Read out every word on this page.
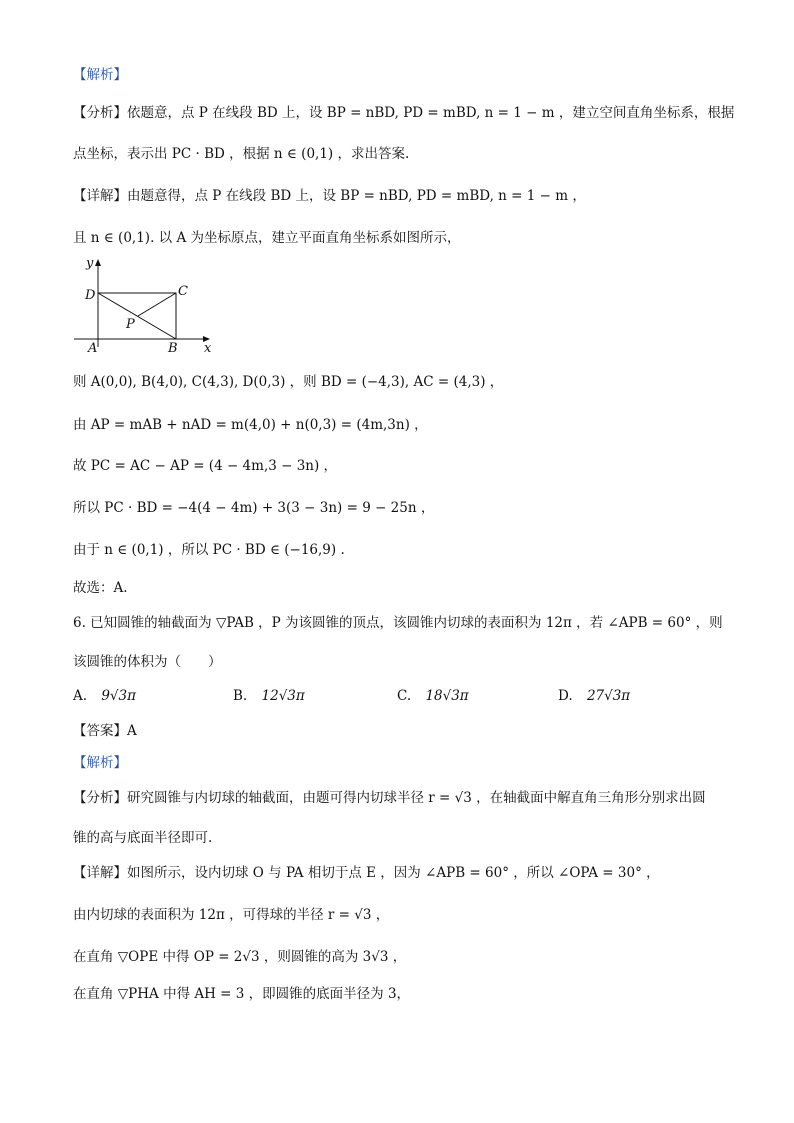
【解析】
【分析】依题意，点 P 在线段 BD 上，设 BP = nBD, PD = mBD, n = 1 − m ，建立空间直角坐标系，根据
点坐标，表示出 PC · BD ，根据 n ∈ (0,1) ，求出答案.
【详解】由题意得，点 P 在线段 BD 上，设 BP = nBD, PD = mBD, n = 1 − m ，
且 n ∈ (0,1). 以 A 为坐标原点，建立平面直角坐标系如图所示，
y
x
D	C
P
A	B
则 A(0,0), B(4,0), C(4,3), D(0,3) ，则 BD = (−4,3), AC = (4,3) ，
由 AP = mAB + nAD = m(4,0) + n(0,3) = (4m,3n) ，
故 PC = AC − AP = (4 − 4m,3 − 3n) ，
所以 PC · BD = −4(4 − 4m) + 3(3 − 3n) = 9 − 25n ，
由于 n ∈ (0,1) ，所以 PC · BD ∈ (−16,9) .
故选：A.
6. 已知圆锥的轴截面为 ▽PAB ，P 为该圆锥的顶点，该圆锥内切球的表面积为 12π ，若 ∠APB = 60° ，则
该圆锥的体积为（　　）
A. 9√3π	B. 12√3π	C. 18√3π	D. 27√3π
【答案】A
【解析】
【分析】研究圆锥与内切球的轴截面，由题可得内切球半径 r = √3 ，在轴截面中解直角三角形分别求出圆
锥的高与底面半径即可.
【详解】如图所示，设内切球 O 与 PA 相切于点 E ，因为 ∠APB = 60° ，所以 ∠OPA = 30° ，
由内切球的表面积为 12π ，可得球的半径 r = √3 ，
在直角 ▽OPE 中得 OP = 2√3 ，则圆锥的高为 3√3 ，
在直角 ▽PHA 中得 AH = 3 ，即圆锥的底面半径为 3，
